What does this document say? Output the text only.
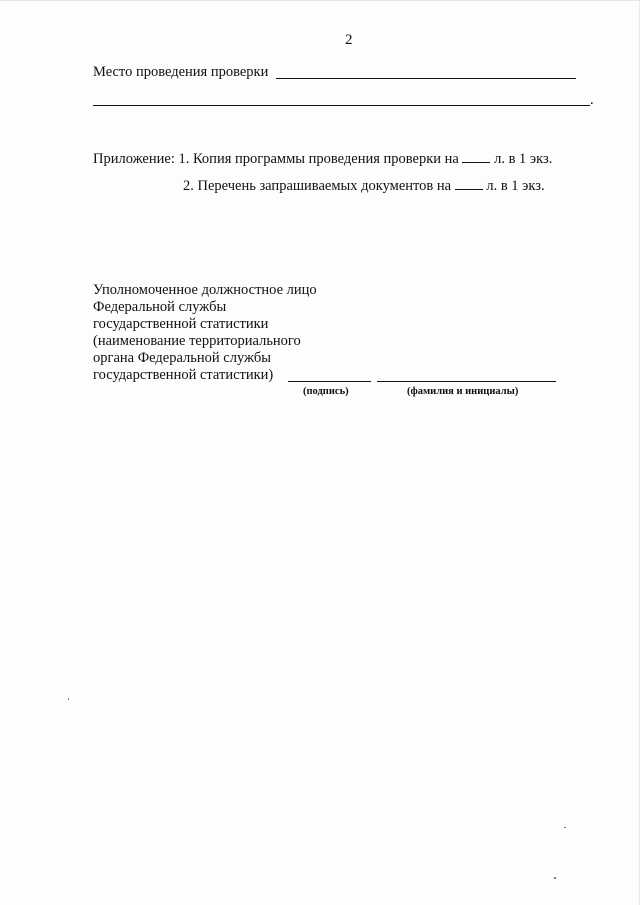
2
Место проведения проверки
.
Приложение: 1. Копия программы проведения проверки на л. в 1 экз.
2. Перечень запрашиваемых документов на л. в 1 экз.
Уполномоченное должностное лицо
Федеральной службы
государственной статистики
(наименование территориального
органа Федеральной службы
государственной статистики)
(подпись)	(фамилия и инициалы)
